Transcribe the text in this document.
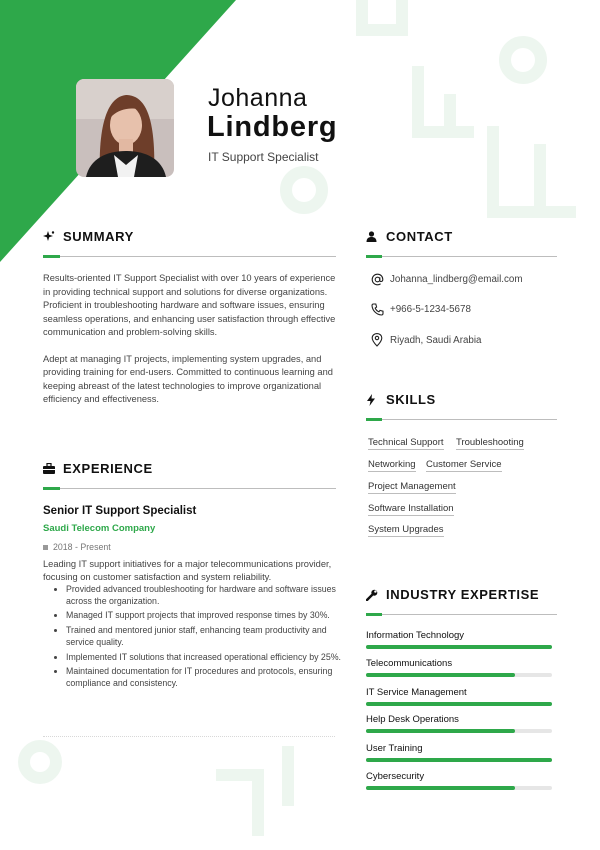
Johanna
Lindberg
IT Support Specialist
SUMMARY

Results-oriented IT Support Specialist with over 10 years of experience in providing technical support and solutions for diverse organizations. Proficient in troubleshooting hardware and software issues, ensuring seamless operations, and enhancing user satisfaction through effective communication and problem-solving skills.

Adept at managing IT projects, implementing system upgrades, and providing training for end-users. Committed to continuous learning and keeping abreast of the latest technologies to improve organizational efficiency and effectiveness.

EXPERIENCE
Senior IT Support Specialist
Saudi Telecom Company
2018 - Present
Leading IT support initiatives for a major telecommunications provider, focusing on customer satisfaction and system reliability.
• Provided advanced troubleshooting for hardware and software issues across the organization.
• Managed IT support projects that improved response times by 30%.
• Trained and mentored junior staff, enhancing team productivity and service quality.
• Implemented IT solutions that increased operational efficiency by 25%.
• Maintained documentation for IT procedures and protocols, ensuring compliance and consistency.
CONTACT
Johanna_lindberg@email.com
+966-5-1234-5678
Riyadh, Saudi Arabia
SKILLS
Technical Support Troubleshooting
Networking Customer Service
Project Management
Software Installation
System Upgrades
INDUSTRY EXPERTISE
Information Technology
Telecommunications
IT Service Management
Help Desk Operations
User Training
Cybersecurity
